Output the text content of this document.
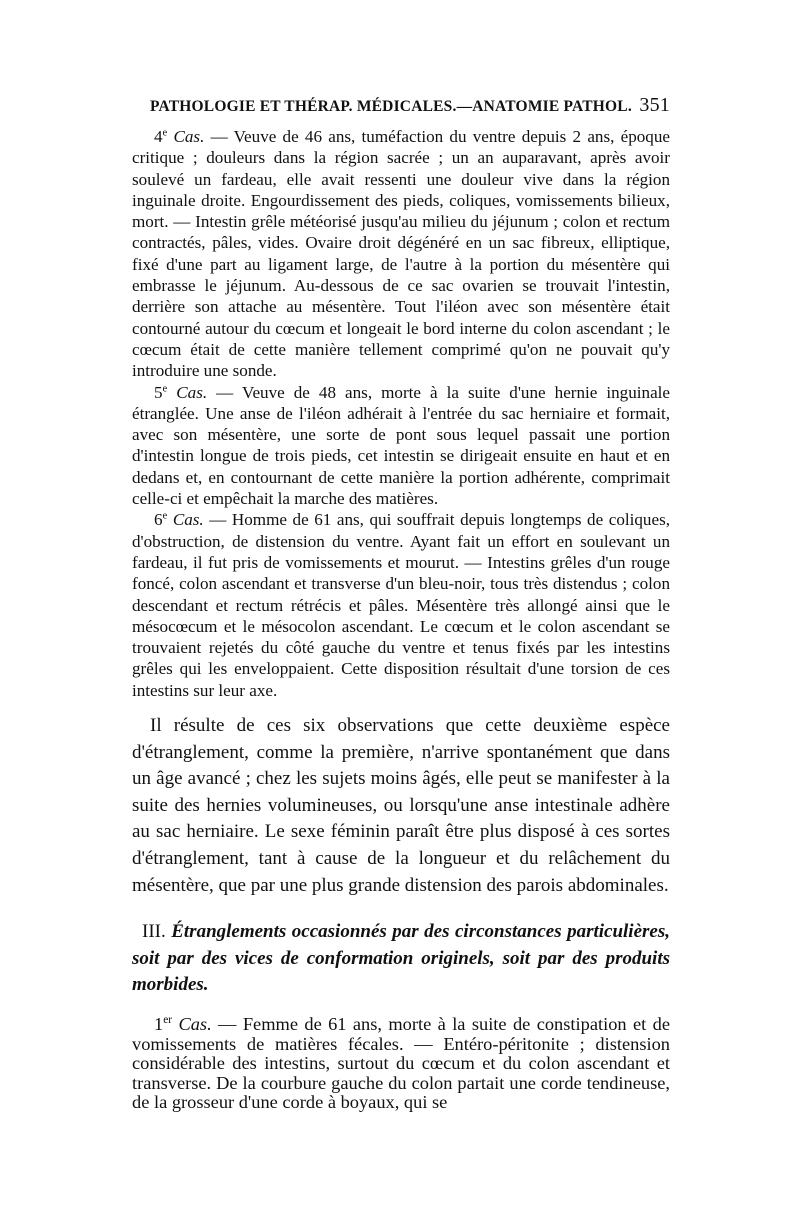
PATHOLOGIE ET THÉRAP. MÉDICALES.—ANATOMIE PATHOL. 351

4e Cas. — Veuve de 46 ans, tuméfaction du ventre depuis 2 ans, époque critique ; douleurs dans la région sacrée ; un an auparavant, après avoir soulevé un fardeau, elle avait ressenti une douleur vive dans la région inguinale droite. Engourdissement des pieds, coliques, vomissements bilieux, mort. — Intestin grêle météorisé jusqu'au milieu du jéjunum ; colon et rectum contractés, pâles, vides. Ovaire droit dégénéré en un sac fibreux, elliptique, fixé d'une part au ligament large, de l'autre à la portion du mésentère qui embrasse le jéjunum. Au-dessous de ce sac ovarien se trouvait l'intestin, derrière son attache au mésentère. Tout l'iléon avec son mésentère était contourné autour du cœcum et longeait le bord interne du colon ascendant ; le cœcum était de cette manière tellement comprimé qu'on ne pouvait qu'y introduire une sonde.

5e Cas. — Veuve de 48 ans, morte à la suite d'une hernie inguinale étranglée. Une anse de l'iléon adhérait à l'entrée du sac herniaire et formait, avec son mésentère, une sorte de pont sous lequel passait une portion d'intestin longue de trois pieds, cet intestin se dirigeait ensuite en haut et en dedans et, en contournant de cette manière la portion adhérente, comprimait celle-ci et empêchait la marche des matières.

6e Cas. — Homme de 61 ans, qui souffrait depuis longtemps de coliques, d'obstruction, de distension du ventre. Ayant fait un effort en soulevant un fardeau, il fut pris de vomissements et mourut. — Intestins grêles d'un rouge foncé, colon ascendant et transverse d'un bleu-noir, tous très distendus ; colon descendant et rectum rétrécis et pâles. Mésentère très allongé ainsi que le mésocœcum et le mésocolon ascendant. Le cœcum et le colon ascendant se trouvaient rejetés du côté gauche du ventre et tenus fixés par les intestins grêles qui les enveloppaient. Cette disposition résultait d'une torsion de ces intestins sur leur axe.

Il résulte de ces six observations que cette deuxième espèce d'étranglement, comme la première, n'arrive spontanément que dans un âge avancé ; chez les sujets moins âgés, elle peut se manifester à la suite des hernies volumineuses, ou lorsqu'une anse intestinale adhère au sac herniaire. Le sexe féminin paraît être plus disposé à ces sortes d'étranglement, tant à cause de la longueur et du relâchement du mésentère, que par une plus grande distension des parois abdominales.

III. Étranglements occasionnés par des circonstances particulières, soit par des vices de conformation originels, soit par des produits morbides.

1er Cas. — Femme de 61 ans, morte à la suite de constipation et de vomissements de matières fécales. — Entéro-péritonite ; distension considérable des intestins, surtout du cœcum et du colon ascendant et transverse. De la courbure gauche du colon partait une corde tendineuse, de la grosseur d'une corde à boyaux, qui se
